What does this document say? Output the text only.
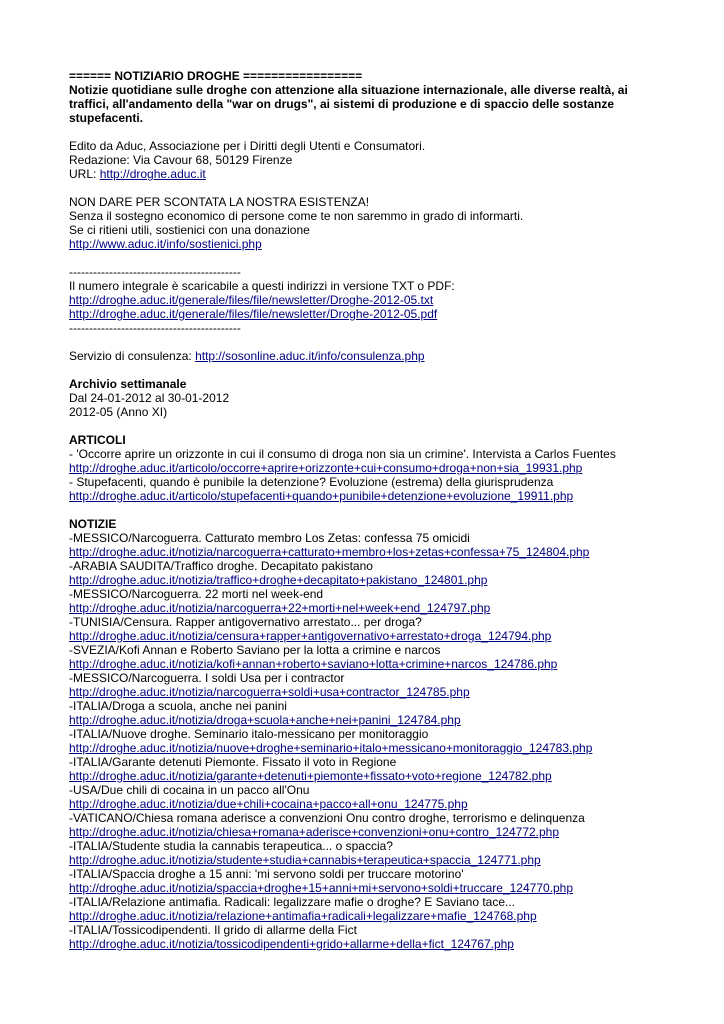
====== NOTIZIARIO DROGHE =================
Notizie quotidiane sulle droghe con attenzione alla situazione internazionale, alle diverse realtà, ai
traffici, all'andamento della "war on drugs", ai sistemi di produzione e di spaccio delle sostanze
stupefacenti.
Edito da Aduc, Associazione per i Diritti degli Utenti e Consumatori.
Redazione: Via Cavour 68, 50129 Firenze
URL: http://droghe.aduc.it
NON DARE PER SCONTATA LA NOSTRA ESISTENZA!
Senza il sostegno economico di persone come te non saremmo in grado di informarti.
Se ci ritieni utili, sostienici con una donazione
http://www.aduc.it/info/sostienici.php
-------------------------------------------
Il numero integrale è scaricabile a questi indirizzi in versione TXT o PDF:
http://droghe.aduc.it/generale/files/file/newsletter/Droghe-2012-05.txt
http://droghe.aduc.it/generale/files/file/newsletter/Droghe-2012-05.pdf
-------------------------------------------
Servizio di consulenza: http://sosonline.aduc.it/info/consulenza.php
Archivio settimanale
Dal 24-01-2012 al 30-01-2012
2012-05 (Anno XI)
ARTICOLI
- 'Occorre aprire un orizzonte in cui il consumo di droga non sia un crimine'. Intervista a Carlos Fuentes
http://droghe.aduc.it/articolo/occorre+aprire+orizzonte+cui+consumo+droga+non+sia_19931.php
- Stupefacenti, quando è punibile la detenzione? Evoluzione (estrema) della giurisprudenza
http://droghe.aduc.it/articolo/stupefacenti+quando+punibile+detenzione+evoluzione_19911.php
NOTIZIE
-MESSICO/Narcoguerra. Catturato membro Los Zetas: confessa 75 omicidi
http://droghe.aduc.it/notizia/narcoguerra+catturato+membro+los+zetas+confessa+75_124804.php
-ARABIA SAUDITA/Traffico droghe. Decapitato pakistano
http://droghe.aduc.it/notizia/traffico+droghe+decapitato+pakistano_124801.php
-MESSICO/Narcoguerra. 22 morti nel week-end
http://droghe.aduc.it/notizia/narcoguerra+22+morti+nel+week+end_124797.php
-TUNISIA/Censura. Rapper antigovernativo arrestato... per droga?
http://droghe.aduc.it/notizia/censura+rapper+antigovernativo+arrestato+droga_124794.php
-SVEZIA/Kofi Annan e Roberto Saviano per la lotta a crimine e narcos
http://droghe.aduc.it/notizia/kofi+annan+roberto+saviano+lotta+crimine+narcos_124786.php
-MESSICO/Narcoguerra. I soldi Usa per i contractor
http://droghe.aduc.it/notizia/narcoguerra+soldi+usa+contractor_124785.php
-ITALIA/Droga a scuola, anche nei panini
http://droghe.aduc.it/notizia/droga+scuola+anche+nei+panini_124784.php
-ITALIA/Nuove droghe. Seminario italo-messicano per monitoraggio
http://droghe.aduc.it/notizia/nuove+droghe+seminario+italo+messicano+monitoraggio_124783.php
-ITALIA/Garante detenuti Piemonte. Fissato il voto in Regione
http://droghe.aduc.it/notizia/garante+detenuti+piemonte+fissato+voto+regione_124782.php
-USA/Due chili di cocaina in un pacco all'Onu
http://droghe.aduc.it/notizia/due+chili+cocaina+pacco+all+onu_124775.php
-VATICANO/Chiesa romana aderisce a convenzioni Onu contro droghe, terrorismo e delinquenza
http://droghe.aduc.it/notizia/chiesa+romana+aderisce+convenzioni+onu+contro_124772.php
-ITALIA/Studente studia la cannabis terapeutica... o spaccia?
http://droghe.aduc.it/notizia/studente+studia+cannabis+terapeutica+spaccia_124771.php
-ITALIA/Spaccia droghe a 15 anni: 'mi servono soldi per truccare motorino'
http://droghe.aduc.it/notizia/spaccia+droghe+15+anni+mi+servono+soldi+truccare_124770.php
-ITALIA/Relazione antimafia. Radicali: legalizzare mafie o droghe? E Saviano tace...
http://droghe.aduc.it/notizia/relazione+antimafia+radicali+legalizzare+mafie_124768.php
-ITALIA/Tossicodipendenti. Il grido di allarme della Fict
http://droghe.aduc.it/notizia/tossicodipendenti+grido+allarme+della+fict_124767.php
